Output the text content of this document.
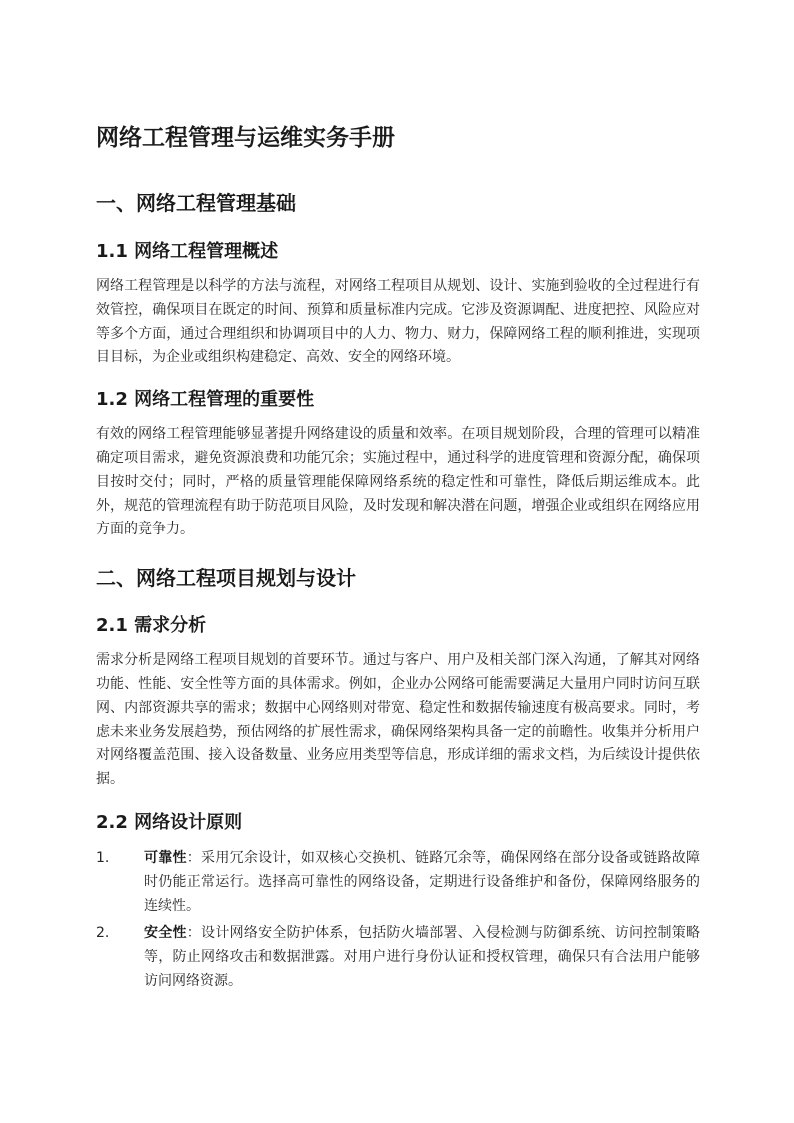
网络工程管理与运维实务手册
一、网络工程管理基础
1.1 网络工程管理概述

网络工程管理是以科学的方法与流程，对网络工程项目从规划、设计、实施到验收的全过程进行有效管控，确保项目在既定的时间、预算和质量标准内完成。它涉及资源调配、进度把控、风险应对等多个方面，通过合理组织和协调项目中的人力、物力、财力，保障网络工程的顺利推进，实现项目目标，为企业或组织构建稳定、高效、安全的网络环境。

1.2 网络工程管理的重要性

有效的网络工程管理能够显著提升网络建设的质量和效率。在项目规划阶段，合理的管理可以精准确定项目需求，避免资源浪费和功能冗余；实施过程中，通过科学的进度管理和资源分配，确保项目按时交付；同时，严格的质量管理能保障网络系统的稳定性和可靠性，降低后期运维成本。此外，规范的管理流程有助于防范项目风险，及时发现和解决潜在问题，增强企业或组织在网络应用方面的竞争力。

二、网络工程项目规划与设计
2.1 需求分析

需求分析是网络工程项目规划的首要环节。通过与客户、用户及相关部门深入沟通，了解其对网络功能、性能、安全性等方面的具体需求。例如，企业办公网络可能需要满足大量用户同时访问互联网、内部资源共享的需求；数据中心网络则对带宽、稳定性和数据传输速度有极高要求。同时，考虑未来业务发展趋势，预估网络的扩展性需求，确保网络架构具备一定的前瞻性。收集并分析用户对网络覆盖范围、接入设备数量、业务应用类型等信息，形成详细的需求文档，为后续设计提供依据。

2.2 网络设计原则
1. 可靠性：采用冗余设计，如双核心交换机、链路冗余等，确保网络在部分设备或链路故障时仍能正常运行。选择高可靠性的网络设备，定期进行设备维护和备份，保障网络服务的连续性。
2. 安全性：设计网络安全防护体系，包括防火墙部署、入侵检测与防御系统、访问控制策略等，防止网络攻击和数据泄露。对用户进行身份认证和授权管理，确保只有合法用户能够访问网络资源。
